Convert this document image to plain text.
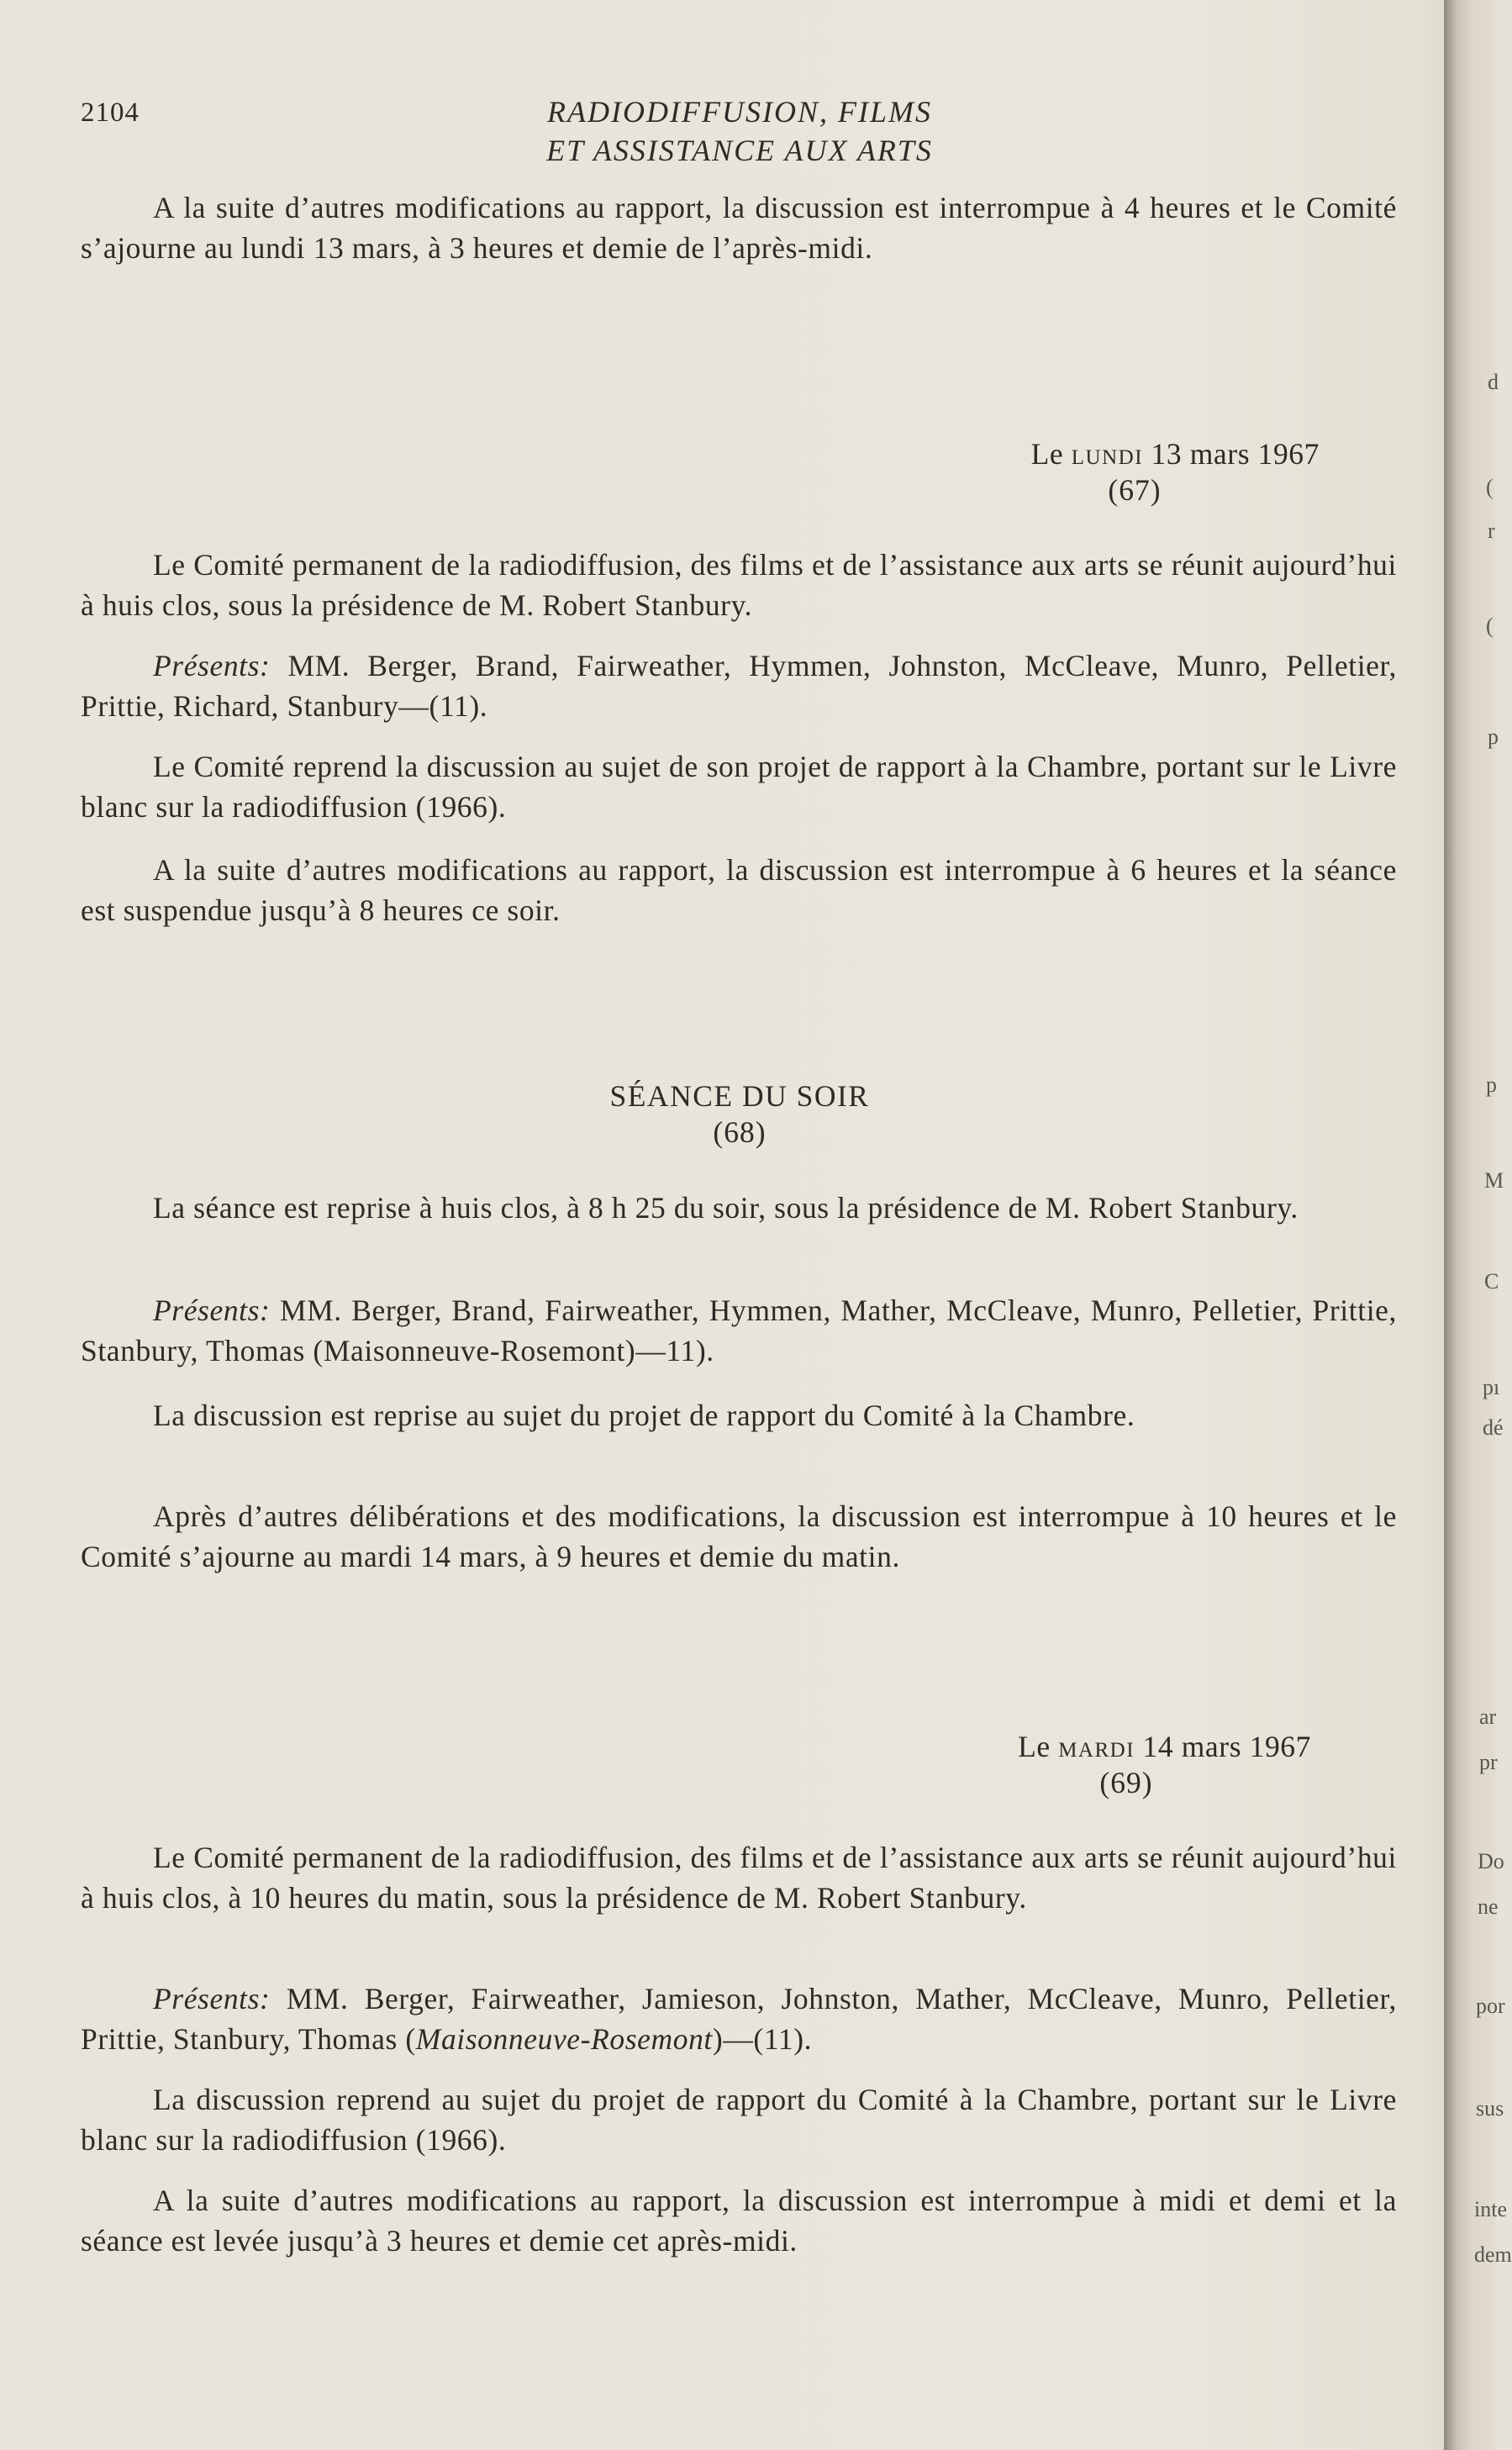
2104	RADIODIFFUSION, FILMS
ET ASSISTANCE AUX ARTS

A la suite d’autres modifications au rapport, la discussion est interrompue à 4 heures et le Comité s’ajourne au lundi 13 mars, à 3 heures et demie de l’après-midi.

Le lundi 13 mars 1967
(67)

Le Comité permanent de la radiodiffusion, des films et de l’assistance aux arts se réunit aujourd’hui à huis clos, sous la présidence de M. Robert Stanbury.

Présents: MM. Berger, Brand, Fairweather, Hymmen, Johnston, McCleave, Munro, Pelletier, Prittie, Richard, Stanbury—(11).

Le Comité reprend la discussion au sujet de son projet de rapport à la Chambre, portant sur le Livre blanc sur la radiodiffusion (1966).

A la suite d’autres modifications au rapport, la discussion est interrompue à 6 heures et la séance est suspendue jusqu’à 8 heures ce soir.

SÉANCE DU SOIR
(68)

La séance est reprise à huis clos, à 8 h 25 du soir, sous la présidence de M. Robert Stanbury.

Présents: MM. Berger, Brand, Fairweather, Hymmen, Mather, McCleave, Munro, Pelletier, Prittie, Stanbury, Thomas (Maisonneuve-Rosemont)—11).

La discussion est reprise au sujet du projet de rapport du Comité à la Chambre.

Après d’autres délibérations et des modifications, la discussion est interrompue à 10 heures et le Comité s’ajourne au mardi 14 mars, à 9 heures et demie du matin.

Le mardi 14 mars 1967
(69)

Le Comité permanent de la radiodiffusion, des films et de l’assistance aux arts se réunit aujourd’hui à huis clos, à 10 heures du matin, sous la présidence de M. Robert Stanbury.

Présents: MM. Berger, Fairweather, Jamieson, Johnston, Mather, McCleave, Munro, Pelletier, Prittie, Stanbury, Thomas (Maisonneuve-Rosemont)—(11).

La discussion reprend au sujet du projet de rapport du Comité à la Chambre, portant sur le Livre blanc sur la radiodiffusion (1966).

A la suite d’autres modifications au rapport, la discussion est interrompue à midi et demi et la séance est levée jusqu’à 3 heures et demie cet après-midi.

d
(
r
(
p
p
M
C
pı
dé
ar
pr
Do
ne
por
sus
inte
dem
